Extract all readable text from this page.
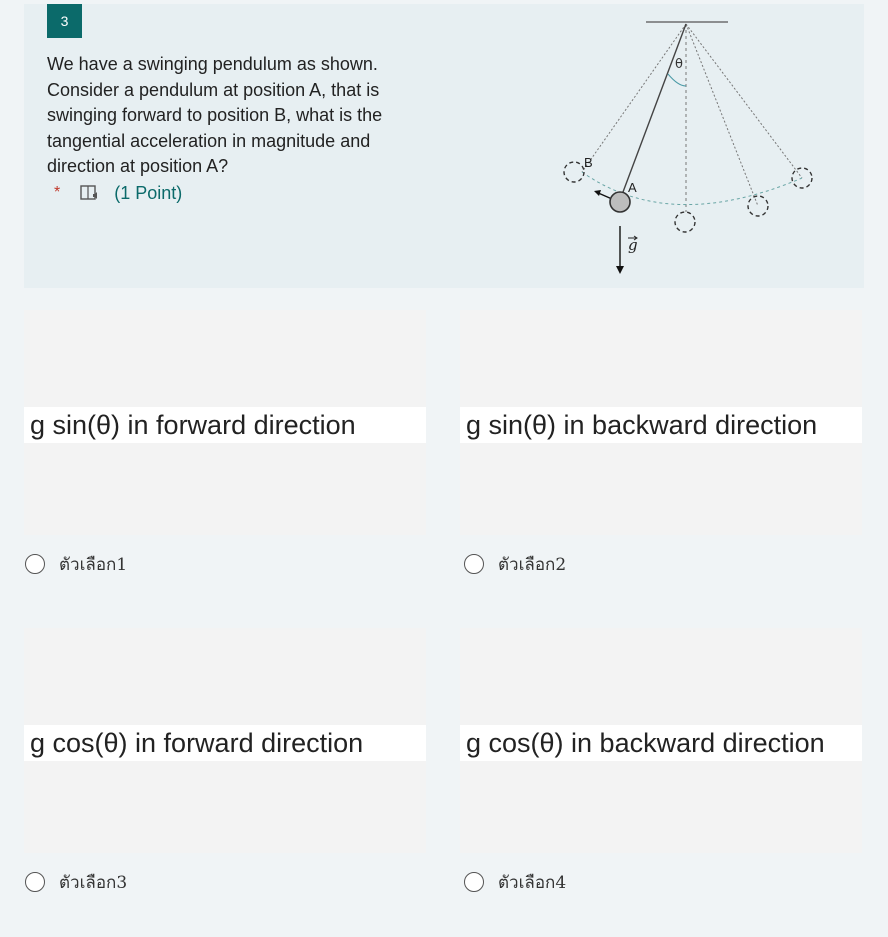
3
We have a swinging pendulum as shown. Consider a pendulum at position A, that is swinging forward to position B, what is the tangential acceleration in magnitude and direction at position A?
*	(1 Point)
θ
B
A
g
g sin(θ) in forward direction
ตัวเลือก1
g sin(θ) in backward direction
ตัวเลือก2
g cos(θ) in forward direction
ตัวเลือก3
g cos(θ) in backward direction
ตัวเลือก4
